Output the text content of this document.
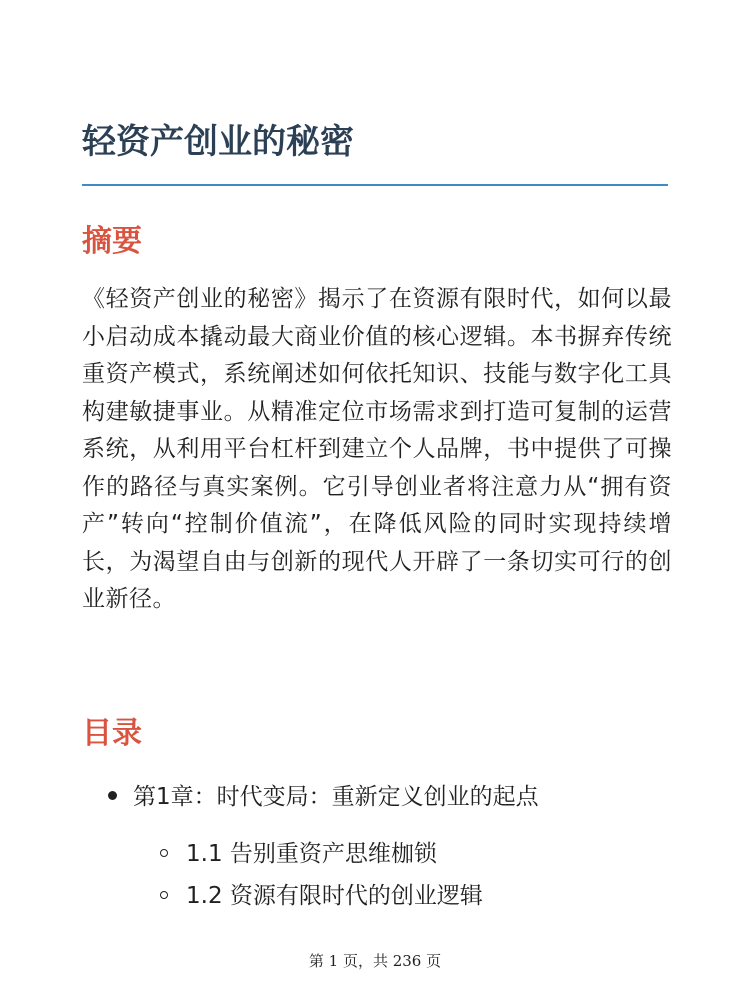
轻资产创业的秘密
摘要

《轻资产创业的秘密》揭示了在资源有限时代，如何以最小启动成本撬动最大商业价值的核心逻辑。本书摒弃传统重资产模式，系统阐述如何依托知识、技能与数字化工具构建敏捷事业。从精准定位市场需求到打造可复制的运营系统，从利用平台杠杆到建立个人品牌，书中提供了可操作的路径与真实案例。它引导创业者将注意力从“拥有资产”转向“控制价值流”，在降低风险的同时实现持续增长，为渴望自由与创新的现代人开辟了一条切实可行的创业新径。

目录
第1章：时代变局：重新定义创业的起点
1.1 告别重资产思维枷锁
1.2 资源有限时代的创业逻辑
第 1 页，共 236 页
